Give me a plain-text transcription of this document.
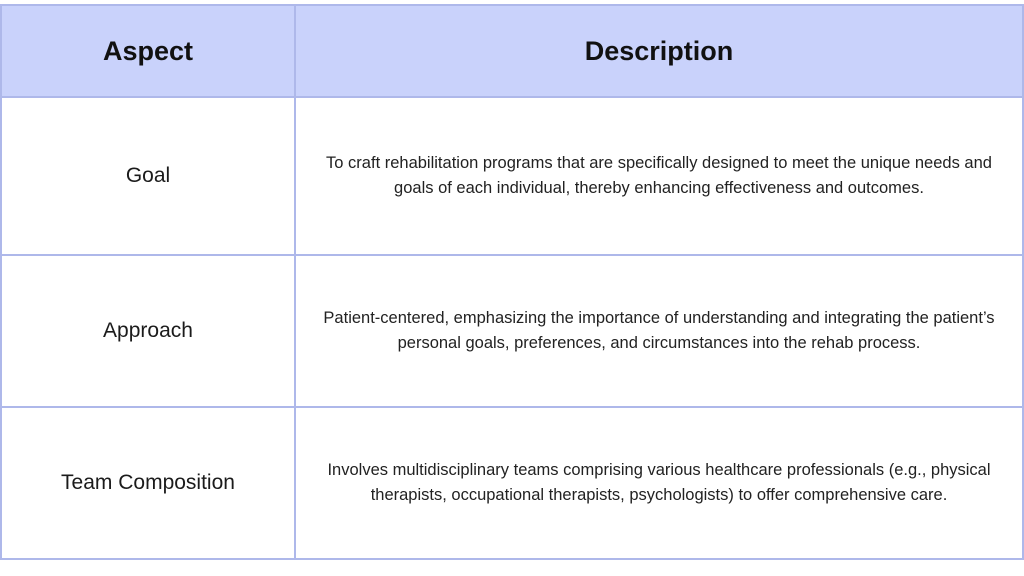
Aspect	Description
Goal	To craft rehabilitation programs that are specifically designed to meet the unique needs and goals of each individual, thereby enhancing effectiveness and outcomes.
Approach	Patient-centered, emphasizing the importance of understanding and integrating the patient’s personal goals, preferences, and circumstances into the rehab process.
Team Composition	Involves multidisciplinary teams comprising various healthcare professionals (e.g., physical therapists, occupational therapists, psychologists) to offer comprehensive care.
